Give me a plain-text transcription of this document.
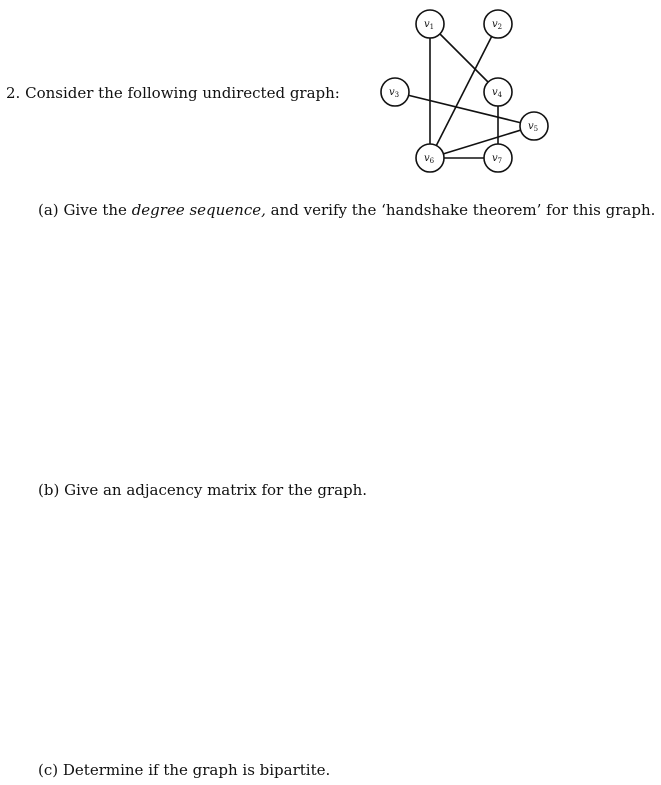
2. Consider the following undirected graph:
$v_1$	$v_2$
$v_3$	$v_4$
$v_5$
$v_6$	$v_7$
(a) Give the degree sequence, and verify the ‘handshake theorem’ for this graph.
(b) Give an adjacency matrix for the graph.
(c) Determine if the graph is bipartite.
